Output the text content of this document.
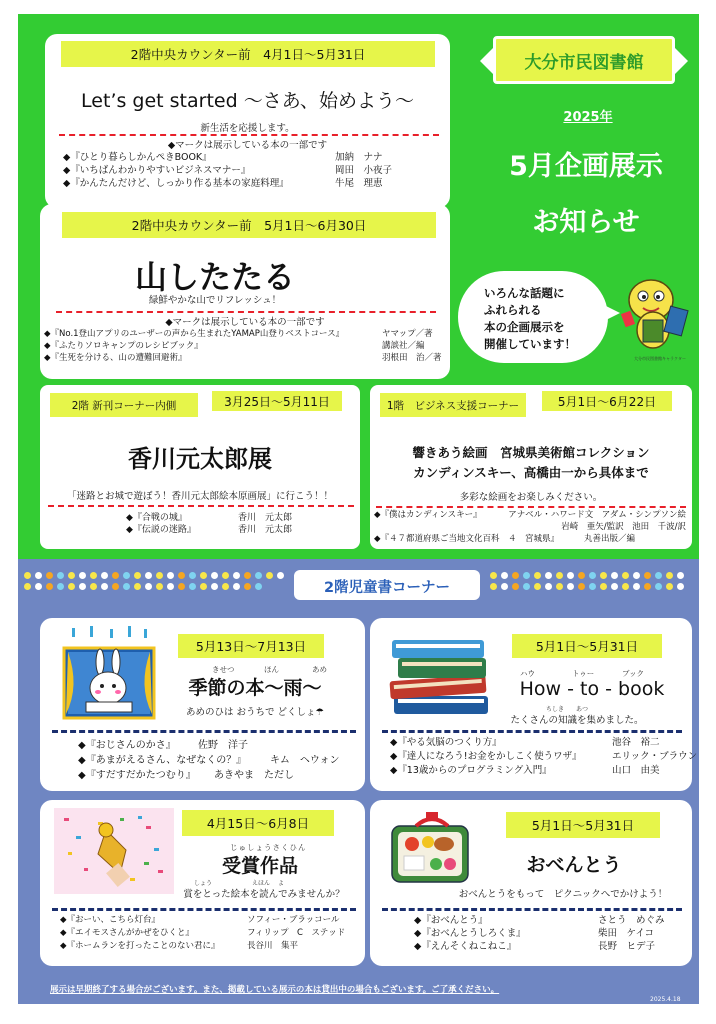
2階中央カウンター前　4月1日～5月31日
Let’s get started ～さあ、始めよう～
新生活を応援します。
◆マークは展示している本の一部です
◆『ひとり暮らしかんぺきBOOK』	加納　ナナ
◆『いちばんわかりやすいビジネスマナー』	岡田　小夜子
◆『かんたんだけど、しっかり作る基本の家庭料理』	牛尾　理恵
2階中央カウンター前　5月1日～6月30日
山したたる
緑鮮やかな山でリフレッシュ！
◆マークは展示している本の一部です
◆『No.1登山アプリのユーザーの声から生まれたYAMAP山登りベストコース』	ヤマップ／著
◆『ふたりソロキャンプのレシピブック』	講談社／編
◆『生死を分ける、山の遭難回避術』	羽根田　治／著
大分市民図書館
2025年
5月企画展示
お知らせ
いろんな話題に
ふれられる
本の企画展示を
開催しています！
大分市民図書館キャラクター
2階 新刊コーナー内側	3月25日～5月11日
香川元太郎展
「迷路とお城で遊ぼう！香川元太郎絵本原画展」に行こう！！
◆『合戦の城』	香川　元太郎
◆『伝説の迷路』	香川　元太郎
1階　ビジネス支援コーナー	5月1日～6月22日
響きあう絵画　宮城県美術館コレクション
カンディンスキー、高橋由一から具体まで
多彩な絵画をお楽しみください。
◆『僕はカンディンスキー』	アナベル・ハワード文　アダム・シンプソン絵
岩崎　亜矢/監訳　池田　千波/訳
◆『４７都道府県ご当地文化百科　４　宮城県』	丸善出版／編
2階児童書コーナー
5月13日～7月13日
きせつ	ほん	あめ
季節の本～雨～
あめのひは おうちで どくしょ☂
◆『おじさんのかさ』	佐野　洋子
◆『あまがえるさん、なぜなくの？』	キム　ヘウォン
◆『すだすだかたつむり』	あきやま　ただし
5月1日～5月31日
ハウ	トゥー	ブック
How - to - book
ちしき あつ
たくさんの知識を集めました。
◆『やる気脳のつくり方』	池谷　裕二
◆『達人になろう!お金をかしこく使うワザ』	エリック・ブラウン
◆『13歳からのプログラミング入門』	山口　由美
4月15日～6月8日
じゅしょうさくひん
受賞作品
しょう	えほん よ
賞をとった絵本を読んでみませんか？
◆『おーい、こちら灯台』	ソフィー・ブラッコール
◆『エイモスさんがかぜをひくと』	フィリップ　C　ステッド
◆『ホームランを打ったことのない君に』	長谷川　集平
5月1日～5月31日
おべんとう
おべんとうをもって　ピクニックへでかけよう！
◆『おべんとう』	さとう　めぐみ
◆『おべんとうしろくま』	柴田　ケイコ
◆『えんそくねこねこ』	長野　ヒデ子
展示は早期終了する場合がございます。また、掲載している展示の本は貸出中の場合もございます。ご了承ください。
2025.4.18
